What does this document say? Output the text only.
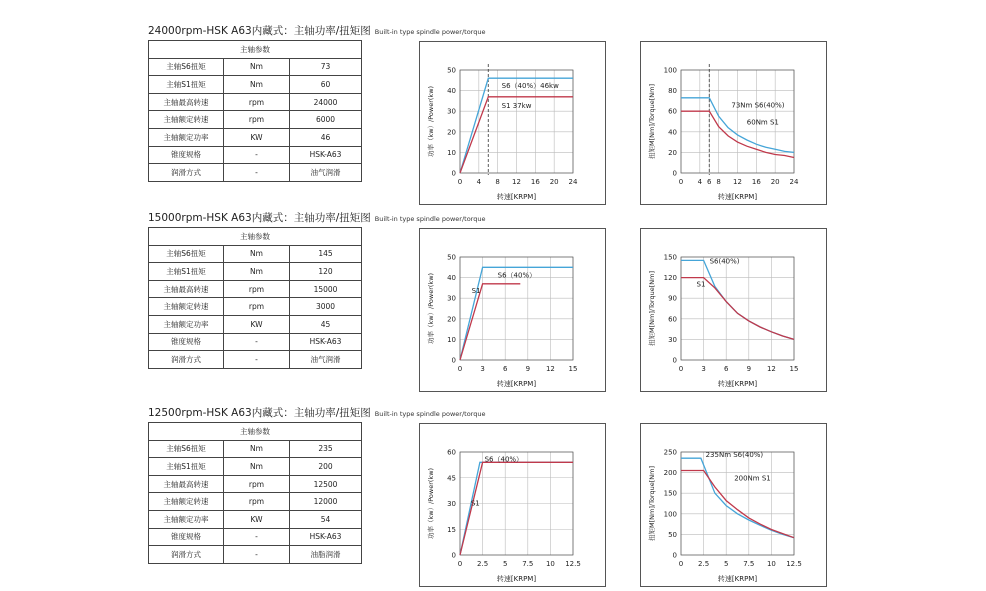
24000rpm-HSK A63内藏式：主轴功率/扭矩图 Built-in type spindle power/torque
主轴参数		
主轴S6扭矩	Nm	73
主轴S1扭矩	Nm	60
主轴最高转速	rpm	24000
主轴额定转速	rpm	6000
主轴额定功率	KW	46
锥度规格	-	HSK-A63
润滑方式	-	油气润滑
0 4 8 12 16 20 24
0
10
20
30
40
50
转速[KRPM]
功率（kw）/Power(kw)	S6（40%）46kw
S1 37kw
0 4 6 8 12 16 20 24
0
20
40
60
80
100
转速[KRPM]
扭矩M[Nm]/Torque[Nm]	73Nm S6(40%)
60Nm S1
15000rpm-HSK A63内藏式：主轴功率/扭矩图 Built-in type spindle power/torque
主轴参数		
主轴S6扭矩	Nm	145
主轴S1扭矩	Nm	120
主轴最高转速	rpm	15000
主轴额定转速	rpm	3000
主轴额定功率	KW	45
锥度规格	-	HSK-A63
润滑方式	-	油气润滑
0	3	6	9 12 15
0
10
20
30
40
50
转速[KRPM]
功率（kw）/Power(kw)	S6（40%）
S1
0	3	6	9 12 15
0
30
60
90
120
150
转速[KRPM]
扭矩M[Nm]/Torque[Nm]
S6(40%)
S1
12500rpm-HSK A63内藏式：主轴功率/扭矩图 Built-in type spindle power/torque
主轴参数		
主轴S6扭矩	Nm	235
主轴S1扭矩	Nm	200
主轴最高转速	rpm	12500
主轴额定转速	rpm	12000
主轴额定功率	KW	54
锥度规格	-	HSK-A63
润滑方式	-	油脂润滑
0 2.5 5 7.5 10 12.5
0
15
30
45
60
转速[KRPM]
功率（kw）/Power(kw)
S6（40%）
S1
0 2.5 5 7.5 10 12.5
0
50
100
150
200
250
转速[KRPM]
扭矩M[Nm]/Torque[Nm]
235Nm S6(40%)
200Nm S1
